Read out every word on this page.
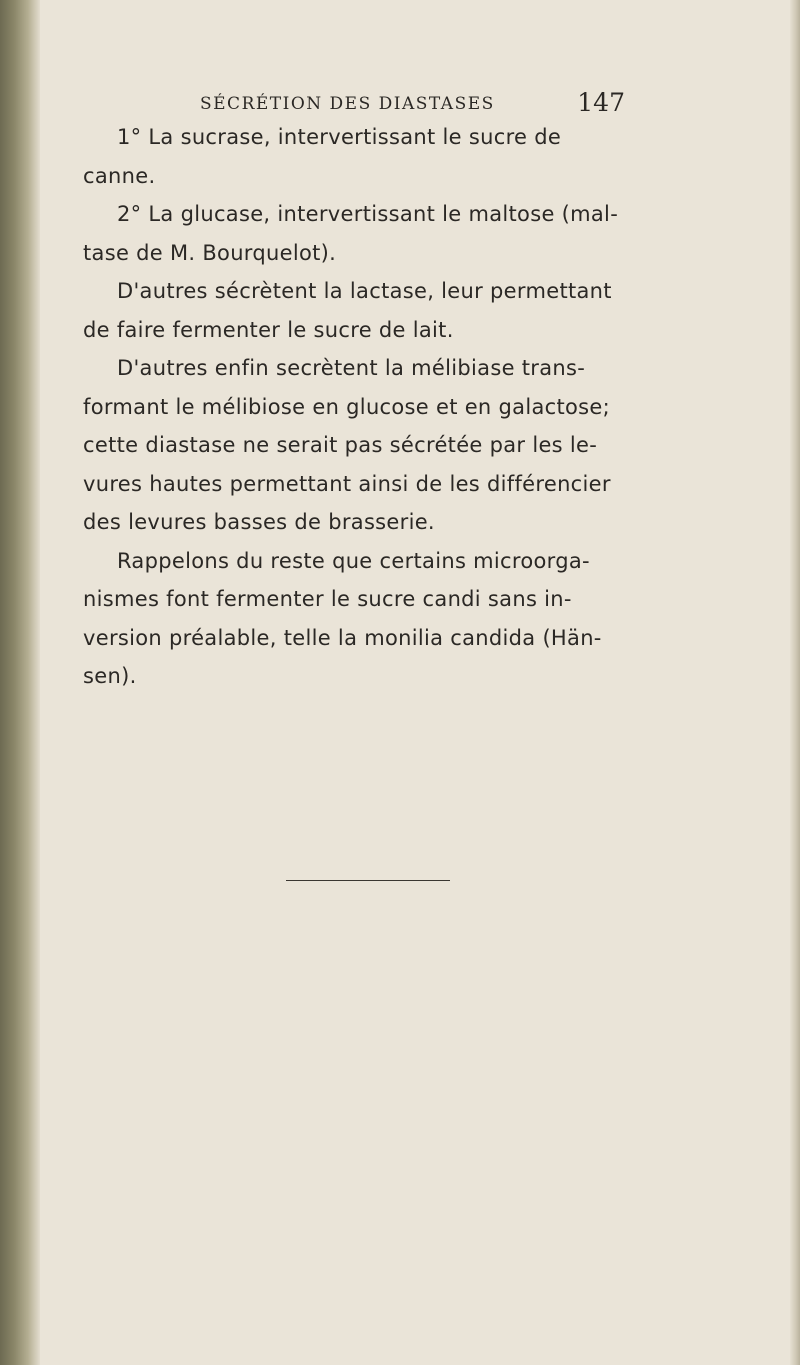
SÉCRÉTION DES DIASTASES	147

1° La sucrase, intervertissant le sucre de

canne.

2° La glucase, intervertissant le maltose (mal-

tase de M. Bourquelot).

D'autres sécrètent la lactase, leur permettant

de faire fermenter le sucre de lait.

D'autres enfin secrètent la mélibiase trans-

formant le mélibiose en glucose et en galactose;

cette diastase ne serait pas sécrétée par les le-

vures hautes permettant ainsi de les différencier

des levures basses de brasserie.

Rappelons du reste que certains microorga-

nismes font fermenter le sucre candi sans in-

version préalable, telle la monilia candida (Hän-

sen).
